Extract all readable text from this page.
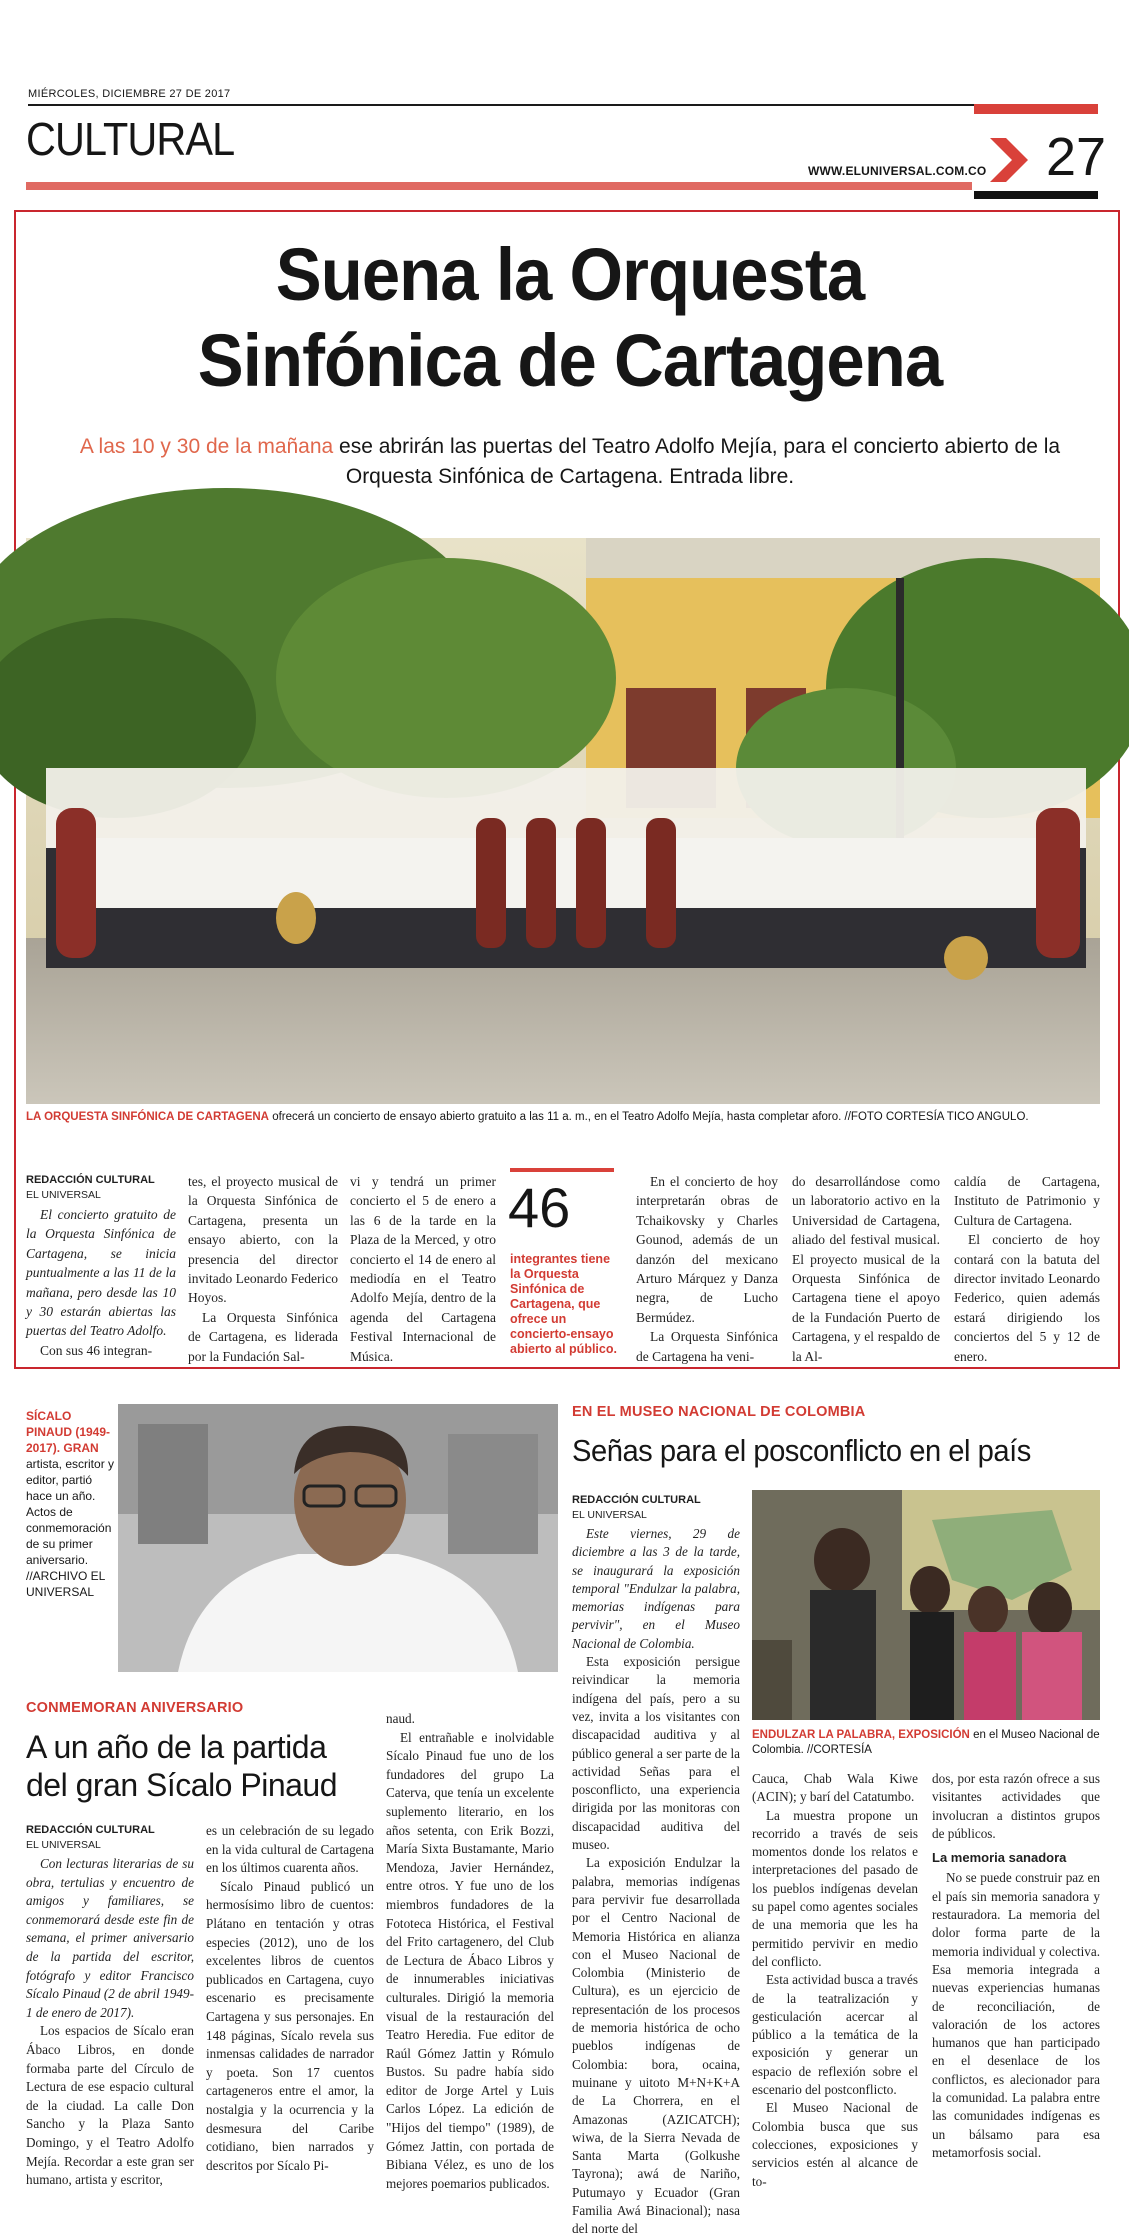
MIÉRCOLES, DICIEMBRE 27 DE 2017
CULTURAL
WWW.ELUNIVERSAL.COM.CO 27
Suena la Orquesta
Sinfónica de Cartagena
A las 10 y 30 de la mañana ese abrirán las puertas del Teatro Adolfo Mejía, para el concierto abierto de la Orquesta Sinfónica de Cartagena. Entrada libre.
LA ORQUESTA SINFÓNICA DE CARTAGENA ofrecerá un concierto de ensayo abierto gratuito a las 11 a. m., en el Teatro Adolfo Mejía, hasta completar aforo. //FOTO CORTESÍA TICO ANGULO.
REDACCIÓN CULTURAL
EL UNIVERSAL

El concierto gratuito de la Orquesta Sinfónica de Cartagena, se inicia puntualmente a las 11 de la mañana, pero desde las 10 y 30 estarán abiertas las puertas del Teatro Adolfo.

Con sus 46 integran-

tes, el proyecto musical de la Orquesta Sinfónica de Cartagena, presenta un ensayo abierto, con la presencia del director invitado Leonardo Federico Hoyos.

La Orquesta Sinfónica de Cartagena, es liderada por la Fundación Sal-

vi y tendrá un primer concierto el 5 de enero a las 6 de la tarde en la Plaza de la Merced, y otro concierto el 14 de enero al mediodía en el Teatro Adolfo Mejía, dentro de la agenda del Cartagena Festival Internacional de Música.

46
integrantes tiene la Orquesta Sinfónica de Cartagena, que ofrece un concierto-ensayo abierto al público.

En el concierto de hoy interpretarán obras de Tchaikovsky y Charles Gounod, además de un danzón del mexicano Arturo Márquez y Danza negra, de Lucho Bermúdez.

La Orquesta Sinfónica de Cartagena ha veni-

do desarrollándose como un laboratorio activo en la Universidad de Cartagena, aliado del festival musical. El proyecto musical de la Orquesta Sinfónica de Cartagena tiene el apoyo de la Fundación Puerto de Cartagena, y el respaldo de la Al-

caldía de Cartagena, Instituto de Patrimonio y Cultura de Cartagena.

El concierto de hoy contará con la batuta del director invitado Leonardo Federico, quien además estará dirigiendo los conciertos del 5 y 12 de enero.

SÍCALO PINAUD (1949-2017). GRAN artista, escritor y editor, partió hace un año. Actos de conmemoración de su primer aniversario. //ARCHIVO EL UNIVERSAL
CONMEMORAN ANIVERSARIO
A un año de la partida del gran Sícalo Pinaud
REDACCIÓN CULTURAL
EL UNIVERSAL

Con lecturas literarias de su obra, tertulias y encuentro de amigos y familiares, se conmemorará desde este fin de semana, el primer aniversario de la partida del escritor, fotógrafo y editor Francisco Sícalo Pinaud (2 de abril 1949-1 de enero de 2017).

Los espacios de Sícalo eran Ábaco Libros, en donde formaba parte del Círculo de Lectura de ese espacio cultural de la ciudad. La calle Don Sancho y la Plaza Santo Domingo, y el Teatro Adolfo Mejía. Recordar a este gran ser humano, artista y escritor,

es un celebración de su legado en la vida cultural de Cartagena en los últimos cuarenta años.

Sícalo Pinaud publicó un hermosísimo libro de cuentos: Plátano en tentación y otras especies (2012), uno de los excelentes libros de cuentos publicados en Cartagena, cuyo escenario es precisamente Cartagena y sus personajes. En 148 páginas, Sícalo revela sus inmensas calidades de narrador y poeta. Son 17 cuentos cartageneros entre el amor, la nostalgia y la ocurrencia y la desmesura del Caribe cotidiano, bien narrados y descritos por Sícalo Pi-

naud.

El entrañable e inolvidable Sícalo Pinaud fue uno de los fundadores del grupo La Caterva, que tenía un excelente suplemento literario, en los años setenta, con Erik Bozzi, María Sixta Bustamante, Mario Mendoza, Javier Hernández, entre otros. Y fue uno de los miembros fundadores de la Fototeca Histórica, el Festival del Frito cartagenero, del Club de Lectura de Ábaco Libros y de innumerables iniciativas culturales. Dirigió la memoria visual de la restauración del Teatro Heredia. Fue editor de Raúl Gómez Jattin y Rómulo Bustos. Su padre había sido editor de Jorge Artel y Luis Carlos López. La edición de "Hijos del tiempo" (1989), de Gómez Jattin, con portada de Bibiana Vélez, es uno de los mejores poemarios publicados.

EN EL MUSEO NACIONAL DE COLOMBIA
Señas para el posconflicto en el país
REDACCIÓN CULTURAL
EL UNIVERSAL

Este viernes, 29 de diciembre a las 3 de la tarde, se inaugurará la exposición temporal "Endulzar la palabra, memorias indígenas para pervivir", en el Museo Nacional de Colombia.

Esta exposición persigue reivindicar la memoria indígena del país, pero a su vez, invita a los visitantes con discapacidad auditiva y al público general a ser parte de la actividad Señas para el posconflicto, una experiencia dirigida por las monitoras con discapacidad auditiva del museo.

La exposición Endulzar la palabra, memorias indígenas para pervivir fue desarrollada por el Centro Nacional de Memoria Histórica en alianza con el Museo Nacional de Colombia (Ministerio de Cultura), es un ejercicio de representación de los procesos de memoria histórica de ocho pueblos indígenas de Colombia: bora, ocaina, muinane y uitoto M+N+K+A de La Chorrera, en el Amazonas (AZICATCH); wiwa, de la Sierra Nevada de Santa Marta (Golkushe Tayrona); awá de Nariño, Putumayo y Ecuador (Gran Familia Awá Binacional); nasa del norte del

ENDULZAR LA PALABRA, EXPOSICIÓN en el Museo Nacional de Colombia. //CORTESÍA

Cauca, Chab Wala Kiwe (ACIN); y barí del Catatumbo.

La muestra propone un recorrido a través de seis momentos donde los relatos e interpretaciones del pasado de los pueblos indígenas develan su papel como agentes sociales de una memoria que les ha permitido pervivir en medio del conflicto.

Esta actividad busca a través de la teatralización y gesticulación acercar al público a la temática de la exposición y generar un espacio de reflexión sobre el escenario del postconflicto.

El Museo Nacional de Colombia busca que sus colecciones, exposiciones y servicios estén al alcance de to-

dos, por esta razón ofrece a sus visitantes actividades que involucran a distintos grupos de públicos.

La memoria sanadora

No se puede construir paz en el país sin memoria sanadora y restauradora. La memoria del dolor forma parte de la memoria individual y colectiva. Esa memoria integrada a nuevas experiencias humanas de reconciliación, de valoración de los actores humanos que han participado en el desenlace de los conflictos, es alecionador para la comunidad. La palabra entre las comunidades indígenas es un bálsamo para esa metamorfosis social.
